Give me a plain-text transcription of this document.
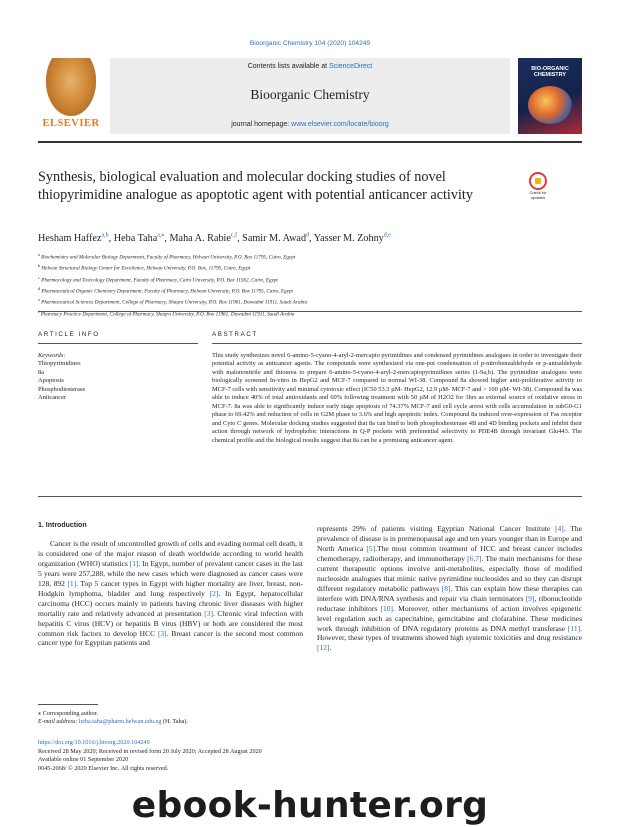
Bioorganic Chemistry 104 (2020) 104249
ELSEVIER
Contents lists available at ScienceDirect
Bioorganic Chemistry
journal homepage: www.elsevier.com/locate/bioorg
BIO-ORGANIC CHEMISTRY
Synthesis, biological evaluation and molecular docking studies of novel thiopyrimidine analogue as apoptotic agent with potential anticancer activity	Check for updates
Hesham Haffez$^{a,b}$, Heba Taha$^{a,⁎}$, Maha A. Rabie$^{c,f}$, Samir M. Awad$^d$, Yasser M. Zohny$^{d,e}$
$^a$ Biochemistry and Molecular Biology Department, Faculty of Pharmacy, Helwan University, P.O. Box 11795, Cairo, Egypt
$^b$ Helwan Structural Biology Center for Excellence, Helwan University, P.O. Box, 11795, Cairo, Egypt
$^c$ Pharmacology and Toxicology Department, Faculty of Pharmacy, Cairo University, P.O. Box 11562, Cairo, Egypt
$^d$ Pharmaceutical Organic Chemistry Department, Faculty of Pharmacy, Helwan University, P.O. Box 11795, Cairo, Egypt
$^e$ Pharmaceutical Sciences Department, College of Pharmacy, Shaqra University, P.O. Box 11961, Dawadmi 11911, Saudi Arabia
$^f$ Pharmacy Practice Department, College of Pharmacy, Shaqra University, P.O. Box 11961, Dawadmi 11911, Saudi Arabia
ARTICLE INFO	ABSTRACT
Keywords:
Thiopyrimidines
8a
Apoptosis
Phosphodiesterase
Anticancer
This study synthesizes novel 6-amino-5-cyano-4-aryl-2-mercapto pyrimidines and condensed pyrimidines analogues in order to investigate their potential activity as anticancer agents. The compounds were synthesized via one-pot condensation of p-nitrobenzaldehyde or p-anisaldehyde with malononitrile and thiourea to prepare 6-amino-5-cyano-4-aryl-2-mercaptopyrimidines series (1-9a,b). The pyrimidine analogues were biologically screened In-vitro in HepG2 and MCF-7 compared to normal WI-38. Compound 8a showed higher anti-proliferative activity to MCF-7 cells with sensitivity and minimal cytotoxic effect (IC50 53.3 µM- HepG2, 12.9 µM- MCF-7 and > 100 µM- WI-38). Compound 8a was able to induce 40% of total antioxidants and 60% following treatment with 50 µM of H2O2 for 3hrs as external source of oxidative stress in MCF-7. 8a was able to significantly induce early stage apoptosis of 74.37% MCF-7 and cell cycle arrest with cells accumulation in subG0-G1 phase to 69.42% and reduction of cells in G2M phase to 3.6% and high apoptotic index. Compound 8a induced over-expression of Fas receptor and Cyto C genes. Molecular docking studies suggested that 8a can bind to both phosphodiesterase 4B and 4D binding pockets and inhibit their action through network of hydrophobic interactions in Q-P pockets with preferential selectivity to PDE4B through invariant Glu443. The chemical profile and the biological results suggest that 8a can be a promising anticancer agent.
1. Introduction

Cancer is the result of uncontrolled growth of cells and evading normal cell death, it is considered one of the major reason of death worldwide according to world health organization (WHO) statistics [1]. In Egypt, number of prevalent cancer cases in the last 5 years were 257,288, while the new cases which were diagnosed as cancer cases were 128, 892 [1]. Top 5 cancer types in Egypt with higher mortality are liver, breast, non-Hodgkin lymphoma, bladder and lung respectively [2]. In Egypt, hepatocellular carcinoma (HCC) occurs mainly in patients having chronic liver diseases with higher mortality rate and relatively advanced at presentation [3]. Chronic viral infection with hepatitis C virus (HCV) or hepatitis B virus (HBV) or both are considered the most common risk factors to develop HCC [3]. Breast cancer is the second most common cancer type for Egyptian patients and

represents 29% of patients visiting Egyptian National Cancer Institute [4]. The prevalence of disease is in premenopausal age and ten years younger than in Europe and North America [5].The most common treatment of HCC and breast cancer includes chemotherapy, radiotherapy, and immunotherapy [6,7]. The main mechanisms for these current therapeutic options involve anti-metabolites, especially those of modified nucleoside analogues that mimic native pyrimidine nucleosides and so they can disrupt different regulatory metabolic pathways [8]. This can explain how these therapies can interfere with DNA/RNA synthesis and repair via chain terminators [9], ribonucleotide reductase inhibitors [10]. Moreover, other mechanisms of action involves epigenetic level regulation such as capecitabine, gemcitabine and clofarabine. These medicines work through inhibition of DNA regulatory proteins as DNA methyl transferase [11]. However, these types of treatments showed high systemic toxicities and drug resistance [12].

⁎ Corresponding author.
E-mail address: heba.taha@pharm.helwan.edu.eg (H. Taha).
https://doi.org/10.1016/j.bioorg.2020.104249
Received 28 May 2020; Received in revised form 20 July 2020; Accepted 28 August 2020
Available online 01 September 2020
0045-2068/ © 2020 Elsevier Inc. All rights reserved.
ebook-hunter.org
